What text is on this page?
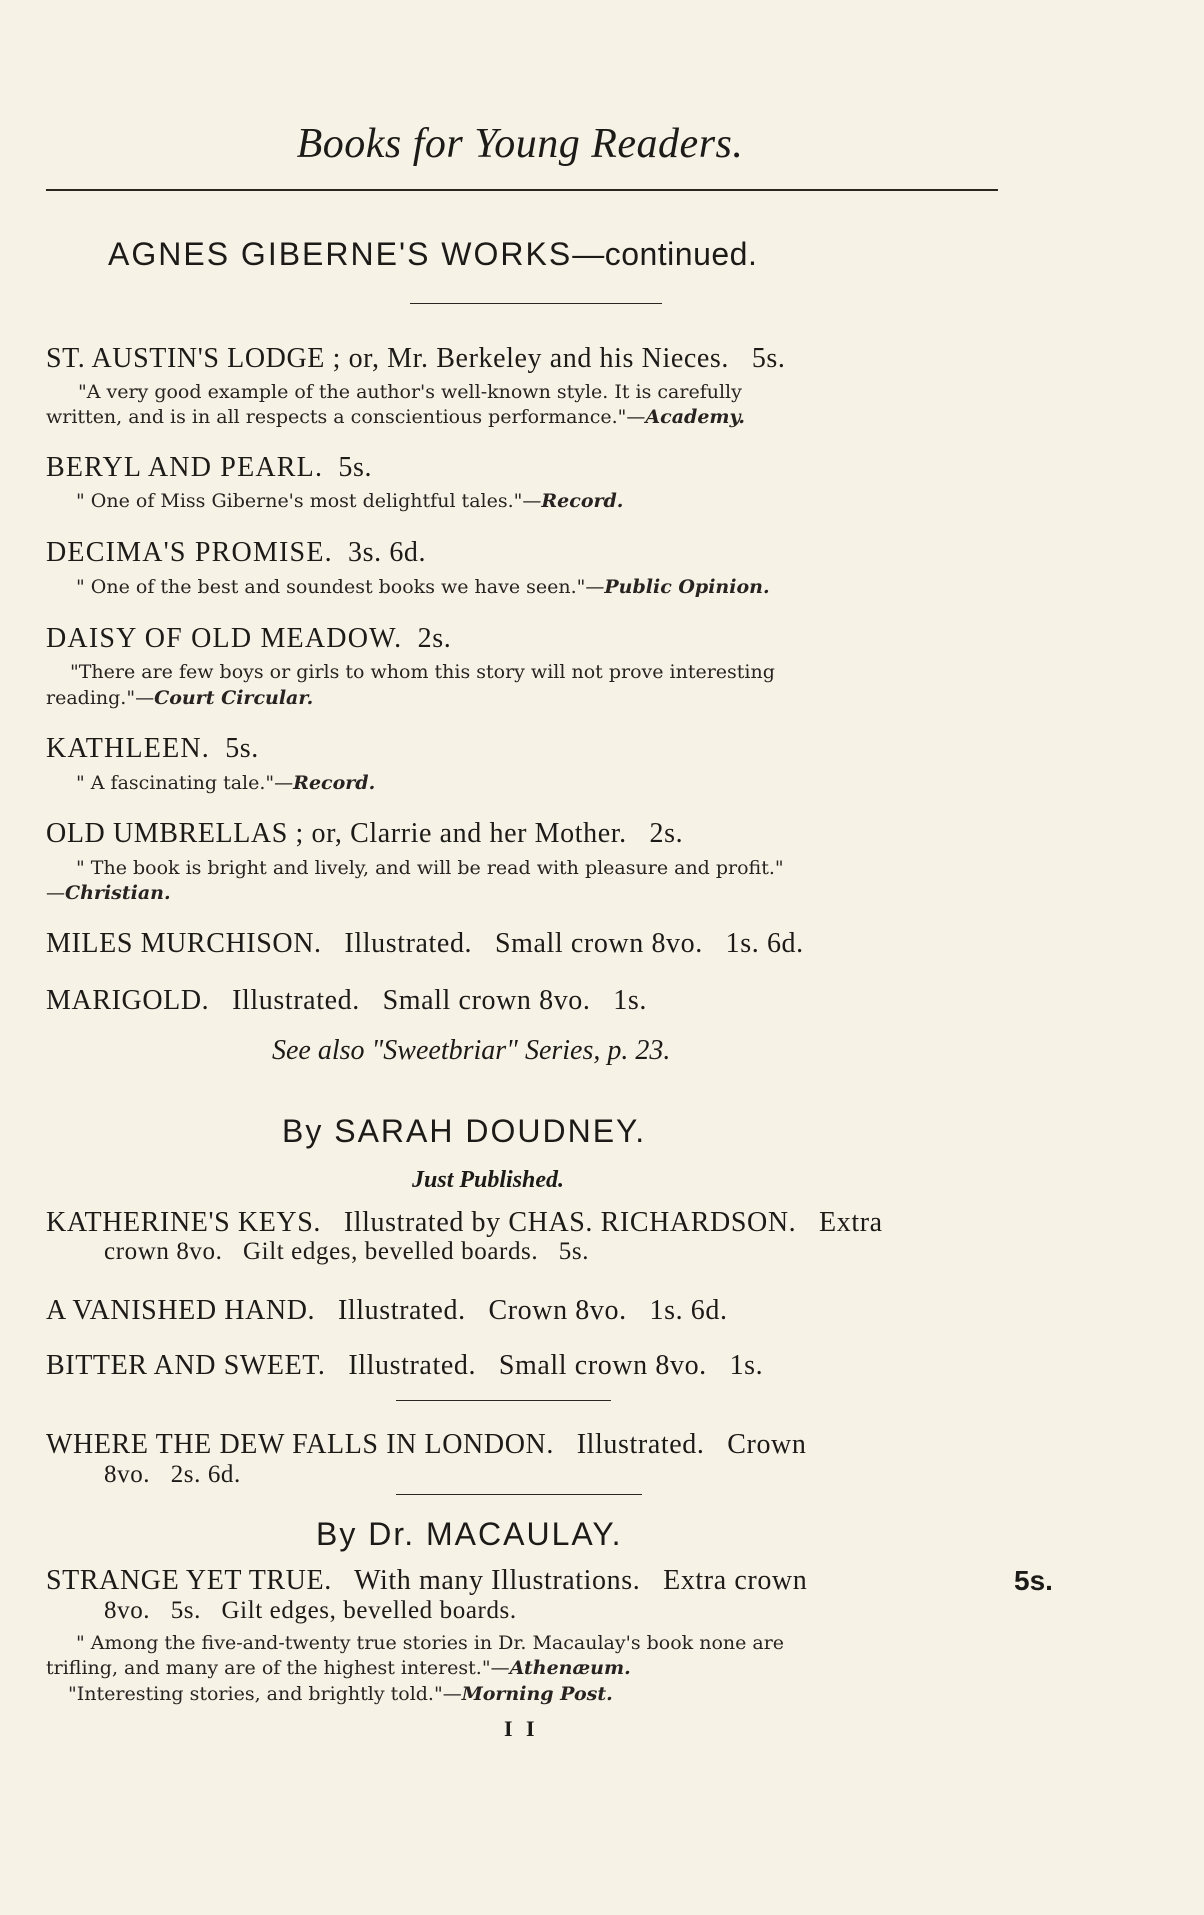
Books for Young Readers.
AGNES GIBERNE'S WORKS—continued.
ST. AUSTIN'S LODGE ; or, Mr. Berkeley and his Nieces. 5s.
"A very good example of the author's well-known style. It is carefully
written, and is in all respects a conscientious performance."—Academy.
BERYL AND PEARL. 5s.
" One of Miss Giberne's most delightful tales."—Record.
DECIMA'S PROMISE. 3s. 6d.
" One of the best and soundest books we have seen."—Public Opinion.
DAISY OF OLD MEADOW. 2s.
"There are few boys or girls to whom this story will not prove interesting
reading."—Court Circular.
KATHLEEN. 5s.
" A fascinating tale."—Record.
OLD UMBRELLAS ; or, Clarrie and her Mother. 2s.
" The book is bright and lively, and will be read with pleasure and profit."
—Christian.
MILES MURCHISON.   Illustrated.   Small crown 8vo.   1s. 6d.
MARIGOLD.   Illustrated.   Small crown 8vo.   1s.
See also "Sweetbriar" Series, p. 23.
By SARAH DOUDNEY.
Just Published.
KATHERINE'S KEYS.   Illustrated by CHAS. RICHARDSON.   Extra
crown 8vo.   Gilt edges, bevelled boards.   5s.
A VANISHED HAND.   Illustrated.   Crown 8vo.   1s. 6d.
BITTER AND SWEET.   Illustrated.   Small crown 8vo.   1s.
WHERE THE DEW FALLS IN LONDON.   Illustrated.   Crown
8vo.   2s. 6d.
By Dr. MACAULAY.
STRANGE YET TRUE.   With many Illustrations.   Extra crown	5s.
8vo.   5s.   Gilt edges, bevelled boards.
" Among the five-and-twenty true stories in Dr. Macaulay's book none are
trifling, and many are of the highest interest."—Athenæum.
"Interesting stories, and brightly told."—Morning Post.
I I
